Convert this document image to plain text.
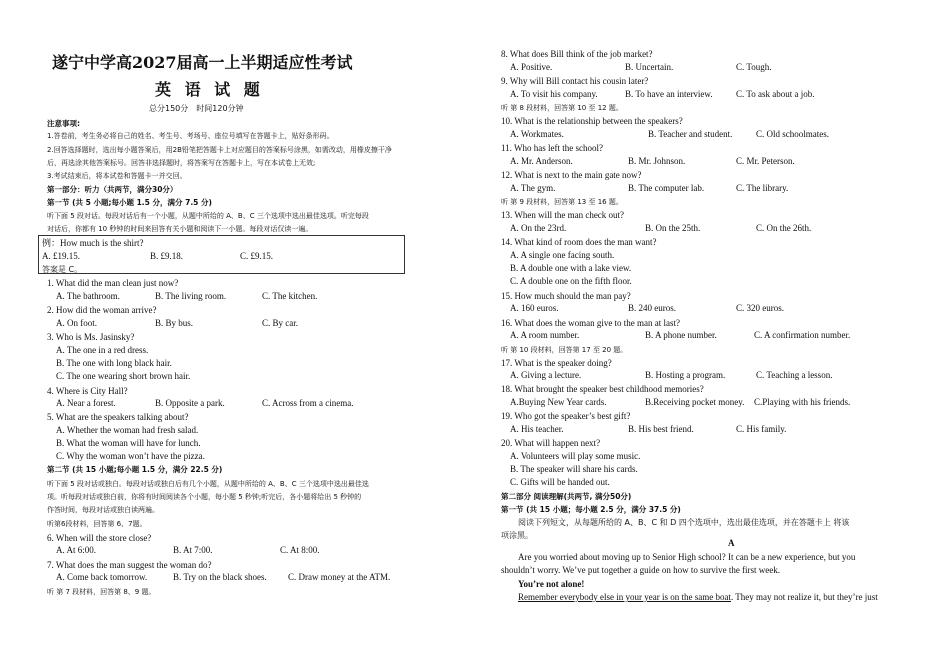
遂宁中学高2027届高一上半期适应性考试
英 语 试 题
总分150分　时间120分钟
注意事项:
1.答卷前，考生务必将自己的姓名、考生号、考场号、座位号填写在答题卡上，贴好条形码。
2.回答选择题时，选出每小题答案后，用2B铅笔把答题卡上对应题目的答案标号涂黑，如需改动，用橡皮擦干净
后，再选涂其他答案标号。回答非选择题时，将答案写在答题卡上，写在本试卷上无效;
3.考试结束后，将本试卷和答题卡一并交回。
第一部分：听力（共两节，满分30分）
第一节 (共 5 小题;每小题 1.5 分，满分 7.5 分)
听下面 5 段对话。每段对话后有一个小题，从题中所给的 A、B、C 三个选项中选出最佳选项。听完每段
对话后，你都有 10 秒钟的时间来回答有关小题和阅读下一小题。每段对话仅读一遍。
例：How much is the shirt?
A. £19.15.	B. £9.18.	C. £9.15.
答案是 C。
1. What did the man clean just now?
A. The bathroom.	B. The living room.	C. The kitchen.
2. How did the woman arrive?
A. On foot.	B. By bus.	C. By car.
3. Who is Ms. Jasinsky?
A. The one in a red dress.
B. The one with long black hair.
C. The one wearing short brown hair.
4. Where is City Hall?
A. Near a forest.	B. Opposite a park.	C. Across from a cinema.
5. What are the speakers talking about?
A. Whether the woman had fresh salad.
B. What the woman will have for lunch.
C. Why the woman won’t have the pizza.
第二节 (共 15 小题;每小题 1.5 分，满分 22.5 分)
听下面 5 段对话或独白。每段对话或独白后有几个小题，从题中所给的 A、B、C 三个选项中选出最佳选
项。听每段对话或独白前，你将有时间阅读各个小题，每小题 5 秒钟;听完后，各小题将给出 5 秒钟的
作答时间，每段对话或独白读两遍。
听第6段材料，回答第 6、7题。
6. When will the store close?
A. At 6:00.	B. At 7:00.	C. At 8:00.
7. What does the man suggest the woman do?
A. Come back tomorrow.	B. Try on the black shoes. C. Draw money at the ATM.
听 第 7 段材料，回答第 8、9 题。
8. What does Bill think of the job market?
A. Positive.	B. Uncertain.	C. Tough.
9. Why will Bill contact his cousin later?
A. To visit his company.	B. To have an interview.	C. To ask about a job.
听 第 8 段材料，回答第 10 至 12 题。
10. What is the relationship between the speakers?
A. Workmates.	B. Teacher and student.	C. Old schoolmates.
11. Who has left the school?
A. Mr. Anderson.	B. Mr. Johnson.	C. Mr. Peterson.
12. What is next to the main gate now?
A. The gym.	B. The computer lab.	C. The library.
听 第 9 段材料，回答第 13 至 16 题。
13. When will the man check out?
A. On the 23rd.	B. On the 25th.	C. On the 26th.
14. What kind of room does the man want?
A. A single one facing south.
B. A double one with a lake view.
C. A double one on the fifth floor.
15. How much should the man pay?
A. 160 euros.	B. 240 euros.	C. 320 euros.
16. What does the woman give to the man at last?
A. A room number.	B. A phone number.	C. A confirmation number.
听 第 10 段材料，回答第 17 至 20 题。
17. What is the speaker doing?
A. Giving a lecture.	B. Hosting a program.	C. Teaching a lesson.
18. What brought the speaker best childhood memories?
A.Buying New Year cards.	B.Receiving pocket money. C.Playing with his friends.
19. Who got the speaker’s best gift?
A. His teacher.	B. His best friend.	C. His family.
20. What will happen next?
A. Volunteers will play some music.
B. The speaker will share his cards.
C. Gifts will be handed out.
第二部分 阅读理解(共两节, 满分50分)
第一节 (共 15 小题；每小题 2.5 分，满分 37.5 分)
阅读下列短文，从每题所给的 A、B、C 和 D 四个选项中，选出最佳选项，并在答题卡上 将该
项涂黑。
A
Are you worried about moving up to Senior High school? It can be a new experience, but you
shouldn’t worry. We’ve put together a guide on how to survive the first week.
You’re not alone!
Remember everybody else in your year is on the same boat. They may not realize it, but they’re just
